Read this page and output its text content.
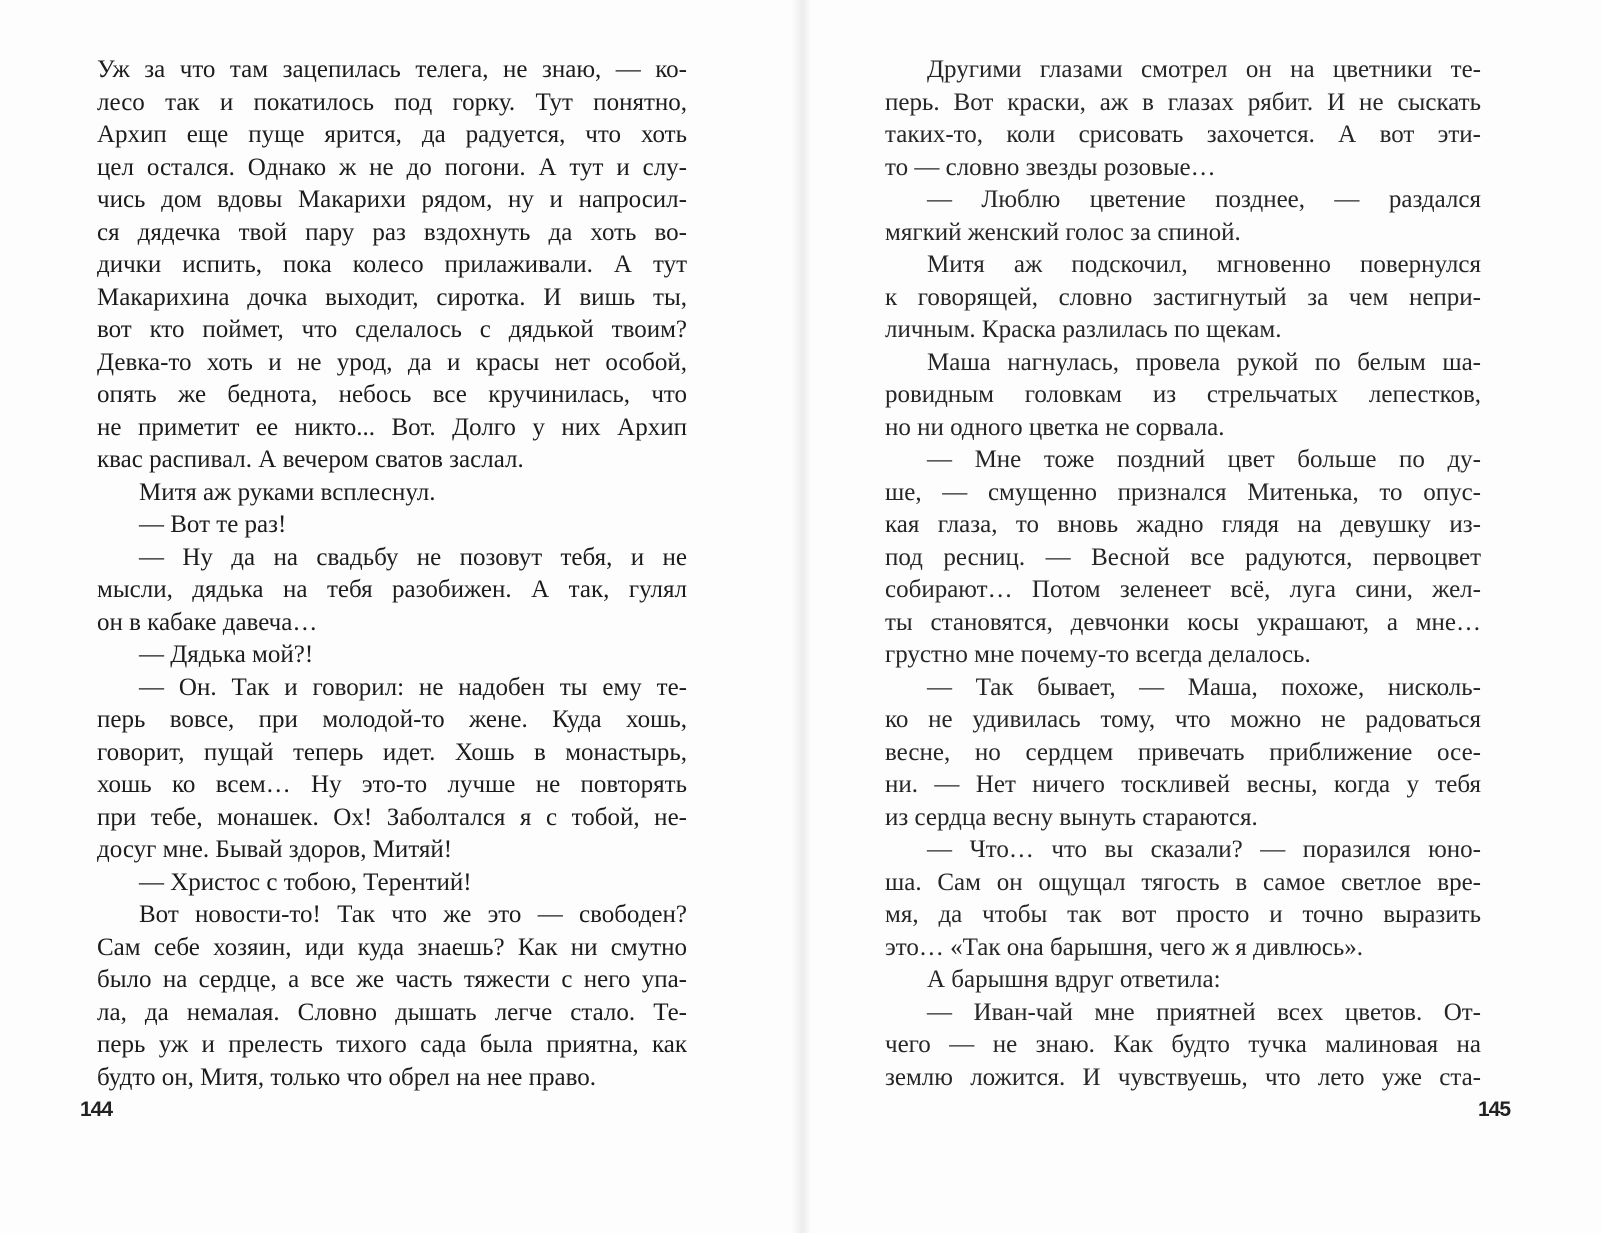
Уж за что там зацепилась телега, не знаю, — ко-
лесо так и покатилось под горку. Тут понятно,
Архип еще пуще ярится, да радуется, что хоть
цел остался. Однако ж не до погони. А тут и слу-
чись дом вдовы Макарихи рядом, ну и напросил-
ся дядечка твой пару раз вздохнуть да хоть во-
дички испить, пока колесо прилаживали. А тут
Макарихина дочка выходит, сиротка. И вишь ты,
вот кто поймет, что сделалось с дядькой твоим?
Девка-то хоть и не урод, да и красы нет особой,
опять же беднота, небось все кручинилась, что
не приметит ее никто... Вот. Долго у них Архип
квас распивал. А вечером сватов заслал.
Митя аж руками всплеснул.
— Вот те раз!
— Ну да на свадьбу не позовут тебя, и не
мысли, дядька на тебя разобижен. А так, гулял
он в кабаке давеча…
— Дядька мой?!
— Он. Так и говорил: не надобен ты ему те-
перь вовсе, при молодой-то жене. Куда хошь,
говорит, пущай теперь идет. Хошь в монастырь,
хошь ко всем… Ну это-то лучше не повторять
при тебе, монашек. Ох! Заболтался я с тобой, не-
досуг мне. Бывай здоров, Митяй!
— Христос с тобою, Терентий!
Вот новости-то! Так что же это — свободен?
Сам себе хозяин, иди куда знаешь? Как ни смутно
было на сердце, а все же часть тяжести с него упа-
ла, да немалая. Словно дышать легче стало. Те-
перь уж и прелесть тихого сада была приятна, как
будто он, Митя, только что обрел на нее право.
Другими глазами смотрел он на цветники те-
перь. Вот краски, аж в глазах рябит. И не сыскать
таких-то, коли срисовать захочется. А вот эти-
то — словно звезды розовые…
— Люблю цветение позднее, — раздался
мягкий женский голос за спиной.
Митя аж подскочил, мгновенно повернулся
к говорящей, словно застигнутый за чем непри-
личным. Краска разлилась по щекам.
Маша нагнулась, провела рукой по белым ша-
ровидным головкам из стрельчатых лепестков,
но ни одного цветка не сорвала.
— Мне тоже поздний цвет больше по ду-
ше, — смущенно признался Митенька, то опус-
кая глаза, то вновь жадно глядя на девушку из-
под ресниц. — Весной все радуются, первоцвет
собирают… Потом зеленеет всё, луга сини, жел-
ты становятся, девчонки косы украшают, а мне…
грустно мне почему-то всегда делалось.
— Так бывает, — Маша, похоже, нисколь-
ко не удивилась тому, что можно не радоваться
весне, но сердцем привечать приближение осе-
ни. — Нет ничего тоскливей весны, когда у тебя
из сердца весну вынуть стараются.
— Что… что вы сказали? — поразился юно-
ша. Сам он ощущал тягость в самое светлое вре-
мя, да чтобы так вот просто и точно выразить
это… «Так она барышня, чего ж я дивлюсь».
А барышня вдруг ответила:
— Иван-чай мне приятней всех цветов. От-
чего — не знаю. Как будто тучка малиновая на
землю ложится. И чувствуешь, что лето уже ста-
144	145
